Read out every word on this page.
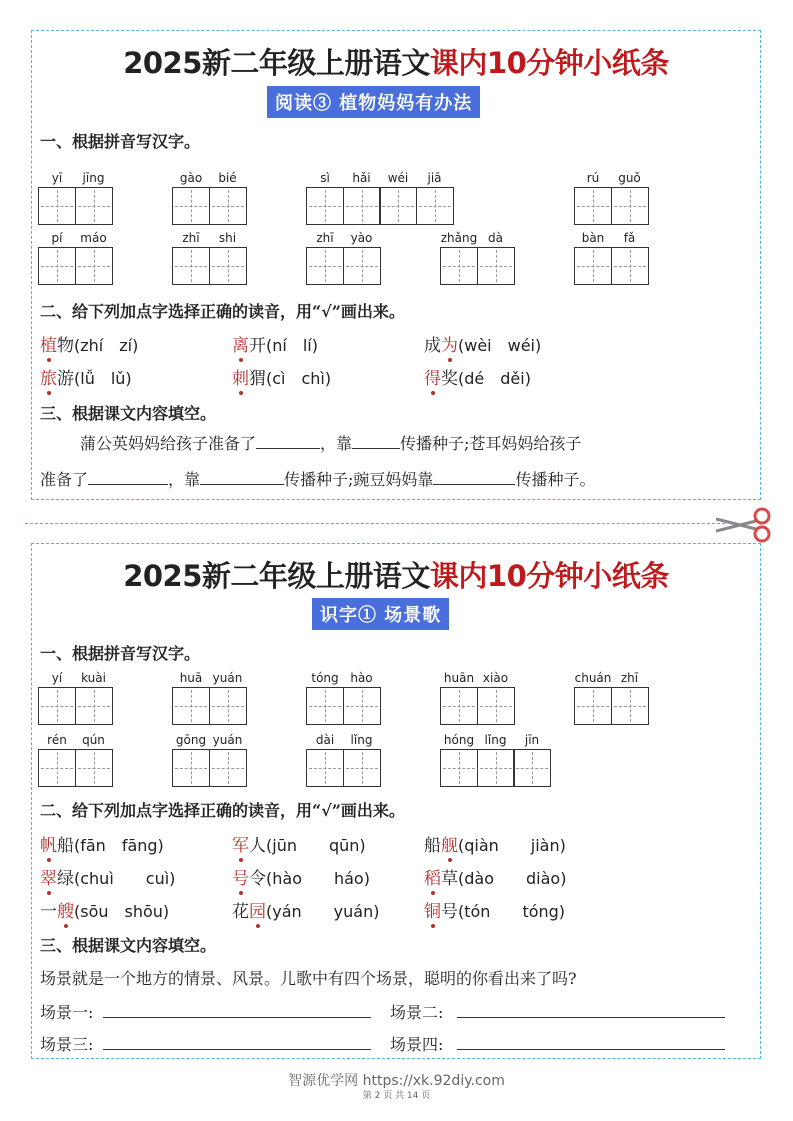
2025新二年级上册语文课内10分钟小纸条
阅读③ 植物妈妈有办法
一、根据拼音写汉字。
yī	jīng	gào	bié	sì	hǎi	wéi	jiā	rú	guǒ
pí	máo	zhī	shi	zhī	yào	zhǎng dà	bàn	fǎ
二、给下列加点字选择正确的读音，用“√”画出来。
植物(zhí　zí)	离开(ní　lí)	成为(wèi　wéi)
旅游(lǚ　lǔ)	刺猬(cì　chì)	得奖(dé　děi)
三、根据课文内容填空。
蒲公英妈妈给孩子准备了	，靠	传播种子;苍耳妈妈给孩子
准备了	，靠	传播种子;豌豆妈妈靠	传播种子。
2025新二年级上册语文课内10分钟小纸条
识字① 场景歌
一、根据拼音写汉字。
yí	kuài	huā yuán	tóng hào	huān xiào	chuán zhī
rén	qún	gōng yuán	dài	lǐng	hóng lǐng	jīn
二、给下列加点字选择正确的读音，用“√”画出来。
帆船(fān　fāng)	军人(jūn　　qūn)	船舰(qiàn　　jiàn)
翠绿(chuì　　cuì)	号令(hào　　háo)	稻草(dào　　diào)
一艘(sōu　shōu)	花园(yán　　yuán)	铜号(tón　　tóng)
三、根据课文内容填空。
场景就是一个地方的情景、风景。儿歌中有四个场景，聪明的你看出来了吗?
场景一:	场景二:
场景三:	场景四:
智源优学网 https://xk.92diy.com
第 2 页 共 14 页
